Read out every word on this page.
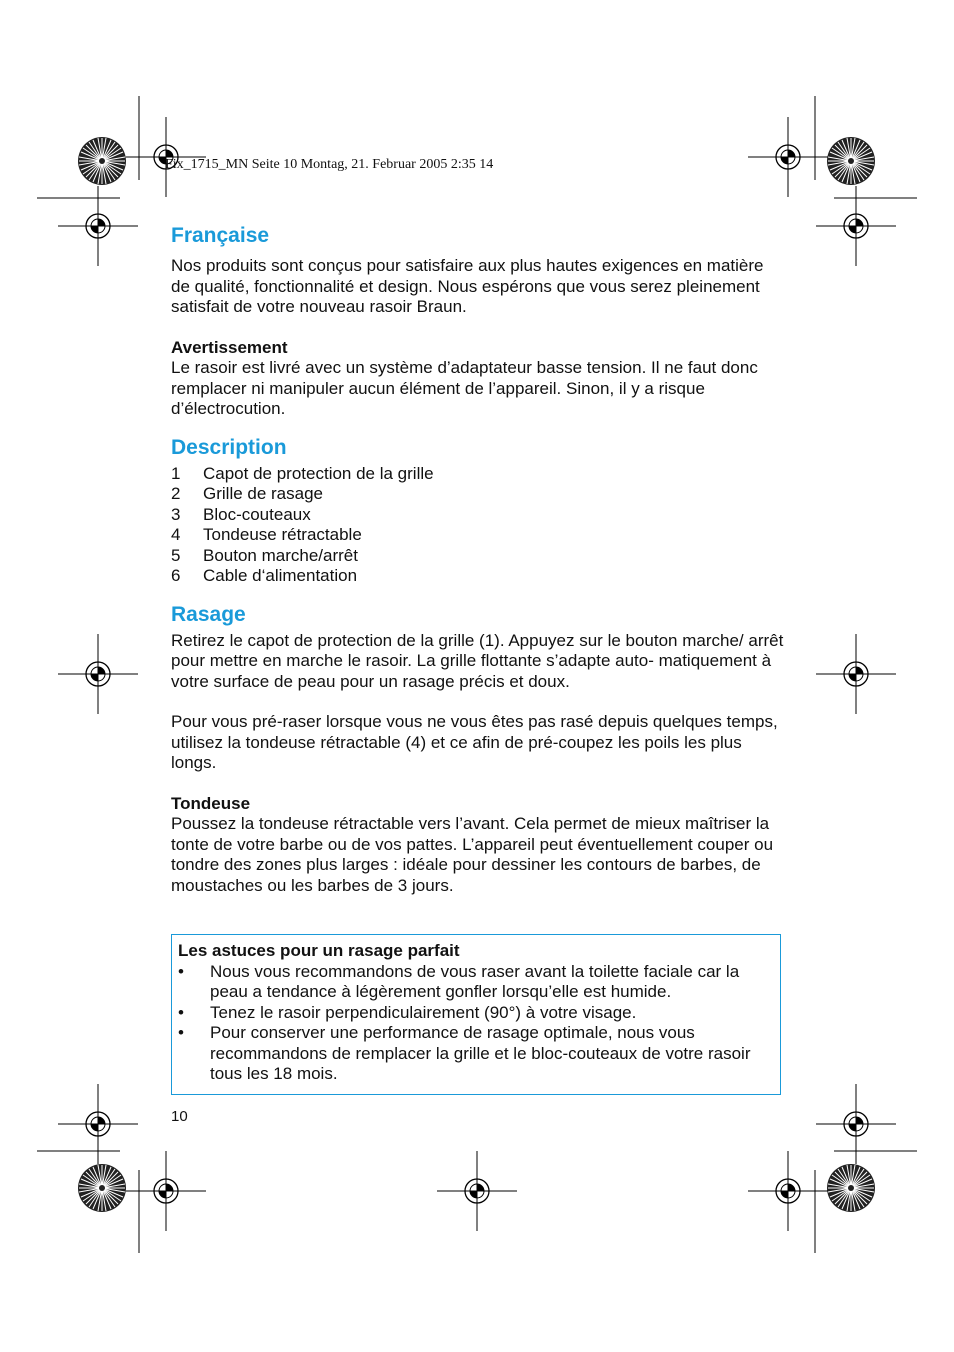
Fix_1715_MN Seite 10 Montag, 21. Februar 2005 2:35 14
Française

Nos produits sont conçus pour satisfaire aux plus hautes exigences en matière de qualité, fonctionnalité et design. Nous espérons que vous serez pleinement satisfait de votre nouveau rasoir Braun.

Avertissement

Le rasoir est livré avec un système d’adaptateur basse tension. Il ne faut donc remplacer ni manipuler aucun élément de l’appareil. Sinon, il y a risque d’électrocution.

Description
1	Capot de protection de la grille
2	Grille de rasage
3	Bloc-couteaux
4	Tondeuse rétractable
5	Bouton marche/arrêt
6	Cable d‘alimentation
Rasage

Retirez le capot de protection de la grille (1). Appuyez sur le bouton marche/ arrêt pour mettre en marche le rasoir. La grille flottante s’adapte auto- matiquement à votre surface de peau pour un rasage précis et doux.

Pour vous pré-raser lorsque vous ne vous êtes pas rasé depuis quelques temps, utilisez la tondeuse rétractable (4) et ce afin de pré-coupez les poils les plus longs.

Tondeuse

Poussez la tondeuse rétractable vers l’avant. Cela permet de mieux maîtriser la tonte de votre barbe ou de vos pattes. L’appareil peut éventuellement couper ou tondre des zones plus larges : idéale pour dessiner les contours de barbes, de moustaches ou les barbes de 3 jours.

Les astuces pour un rasage parfait

•	Nous vous recommandons de vous raser avant la toilette faciale car la peau a tendance à légèrement gonfler lorsqu’elle est humide.
•	Tenez le rasoir perpendiculairement (90°) à votre visage.
•	Pour conserver une performance de rasage optimale, nous vous recommandons de remplacer la grille et le bloc-couteaux de votre rasoir tous les 18 mois.
10
